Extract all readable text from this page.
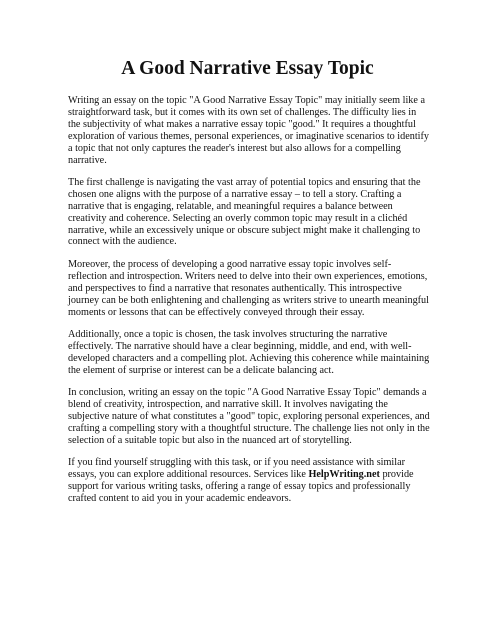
A Good Narrative Essay Topic

Writing an essay on the topic "A Good Narrative Essay Topic" may initially seem like a straightforward task, but it comes with its own set of challenges. The difficulty lies in the subjectivity of what makes a narrative essay topic "good." It requires a thoughtful exploration of various themes, personal experiences, or imaginative scenarios to identify a topic that not only captures the reader's interest but also allows for a compelling narrative.

The first challenge is navigating the vast array of potential topics and ensuring that the chosen one aligns with the purpose of a narrative essay – to tell a story. Crafting a narrative that is engaging, relatable, and meaningful requires a balance between creativity and coherence. Selecting an overly common topic may result in a clichéd narrative, while an excessively unique or obscure subject might make it challenging to connect with the audience.

Moreover, the process of developing a good narrative essay topic involves self-reflection and introspection. Writers need to delve into their own experiences, emotions, and perspectives to find a narrative that resonates authentically. This introspective journey can be both enlightening and challenging as writers strive to unearth meaningful moments or lessons that can be effectively conveyed through their essay.

Additionally, once a topic is chosen, the task involves structuring the narrative effectively. The narrative should have a clear beginning, middle, and end, with well-developed characters and a compelling plot. Achieving this coherence while maintaining the element of surprise or interest can be a delicate balancing act.

In conclusion, writing an essay on the topic "A Good Narrative Essay Topic" demands a blend of creativity, introspection, and narrative skill. It involves navigating the subjective nature of what constitutes a "good" topic, exploring personal experiences, and crafting a compelling story with a thoughtful structure. The challenge lies not only in the selection of a suitable topic but also in the nuanced art of storytelling.

If you find yourself struggling with this task, or if you need assistance with similar essays, you can explore additional resources. Services like HelpWriting.net provide support for various writing tasks, offering a range of essay topics and professionally crafted content to aid you in your academic endeavors.
